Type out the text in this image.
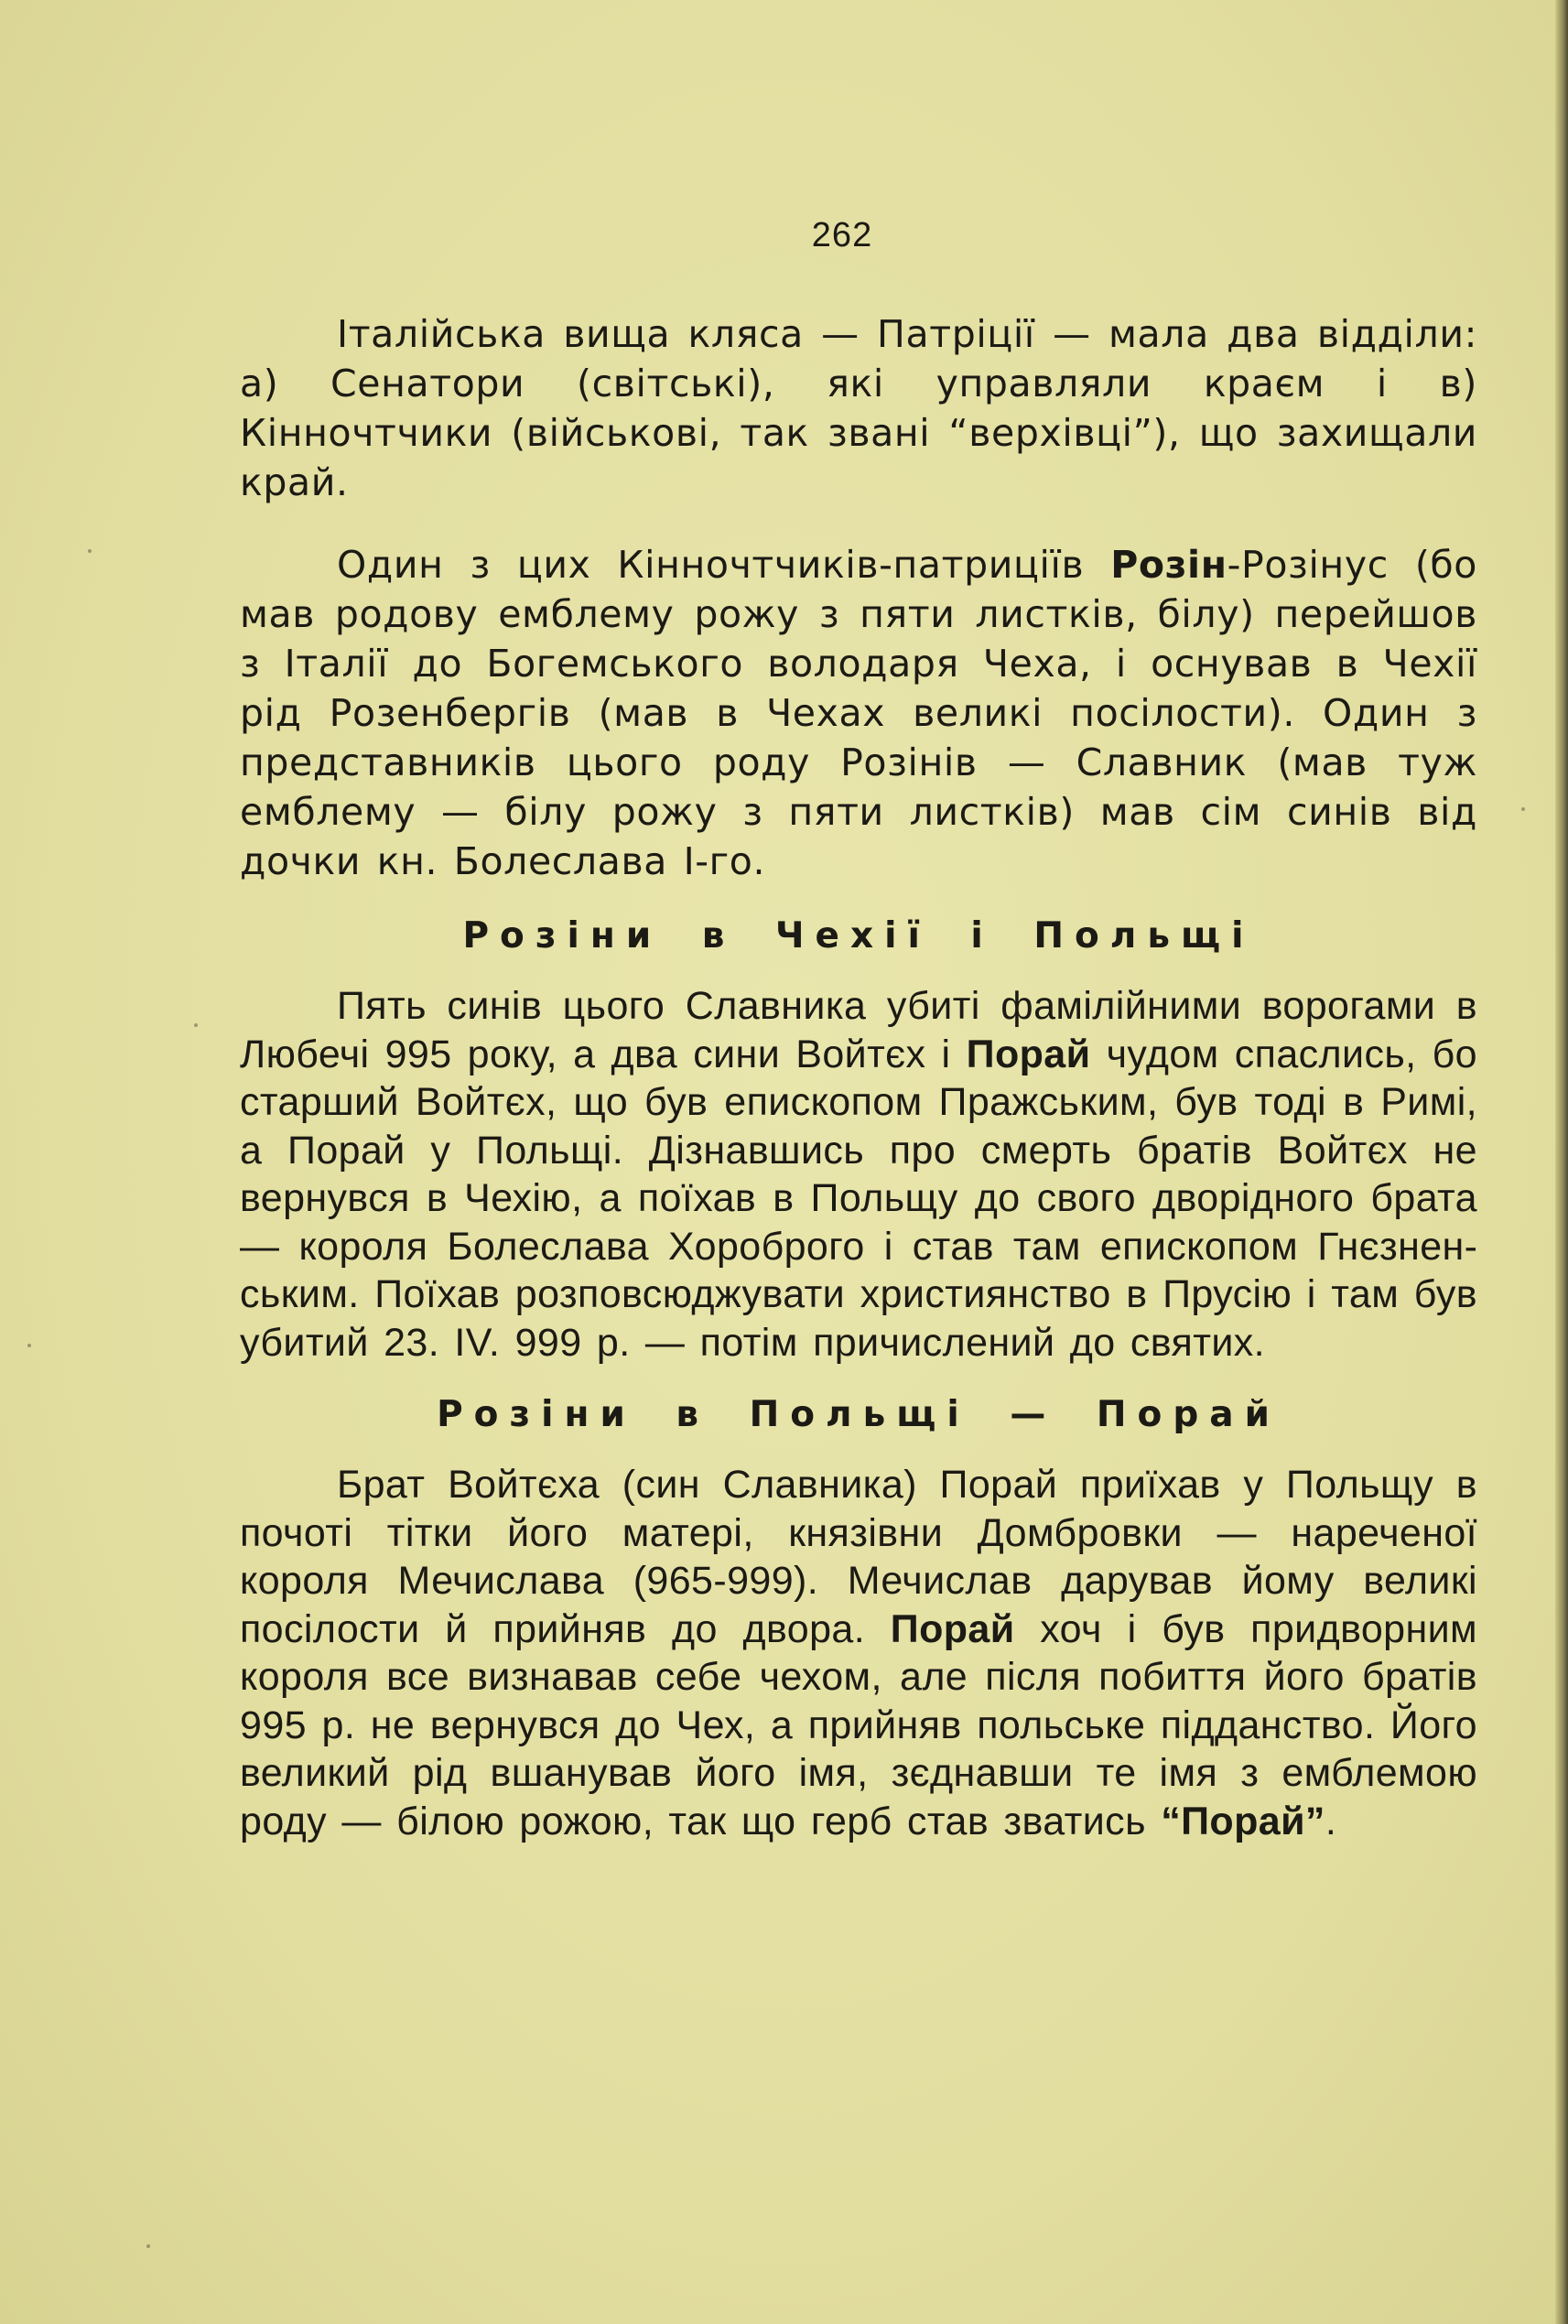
262

Італійська вища кляса — Патріції — мала два відділи: а) Сенатори (світські), які управляли краєм і в) Кінночтчики (військові, так звані “верхівці”), що захищали край.

Один з цих Кінночтчиків-патриціїв Розін-Розінус (бо мав родову емблему рожу з пяти листків, білу) перейшов з Італії до Богемського володаря Чеха, і оснував в Чехії рід Розенбергів (мав в Чехах великі посілости). Один з представників цього роду Розінів — Славник (мав туж емблему — білу рожу з пяти листків) мав сім синів від дочки кн. Болеслава І-го.

Розіни в Чехії і Польщі

Пять синів цього Славника убиті фамілійними ворогами в Любечі 995 року, а два сини Войтєх і Порай чудом спаслись, бо старший Войтєх, що був епископом Пражським, був тоді в Римі, а Порай у Польщі. Дізнавшись про смерть братів Войтєх не вернувся в Чехію, а поїхав в Польщу до свого дворідного брата — короля Болеслава Хороброго і став там епископом Гнєзненським. Поїхав розповсюджувати християнство в Прусію і там був убитий 23. IV. 999 р. — потім причислений до святих.

Розіни в Польщі — Порай

Брат Войтєха (син Славника) Порай приїхав у Польщу в почоті тітки його матері, князівни Домбровки — нареченої короля Мечислава (965-999). Мечислав дарував йому великі посілости й прийняв до двора. Порай хоч і був придворним короля все визнавав себе чехом, але після побиття його братів 995 р. не вернувся до Чех, а прийняв польське підданство. Його великий рід вшанував його імя, зєднавши те імя з емблемою роду — білою рожою, так що герб став зватись “Порай”.
